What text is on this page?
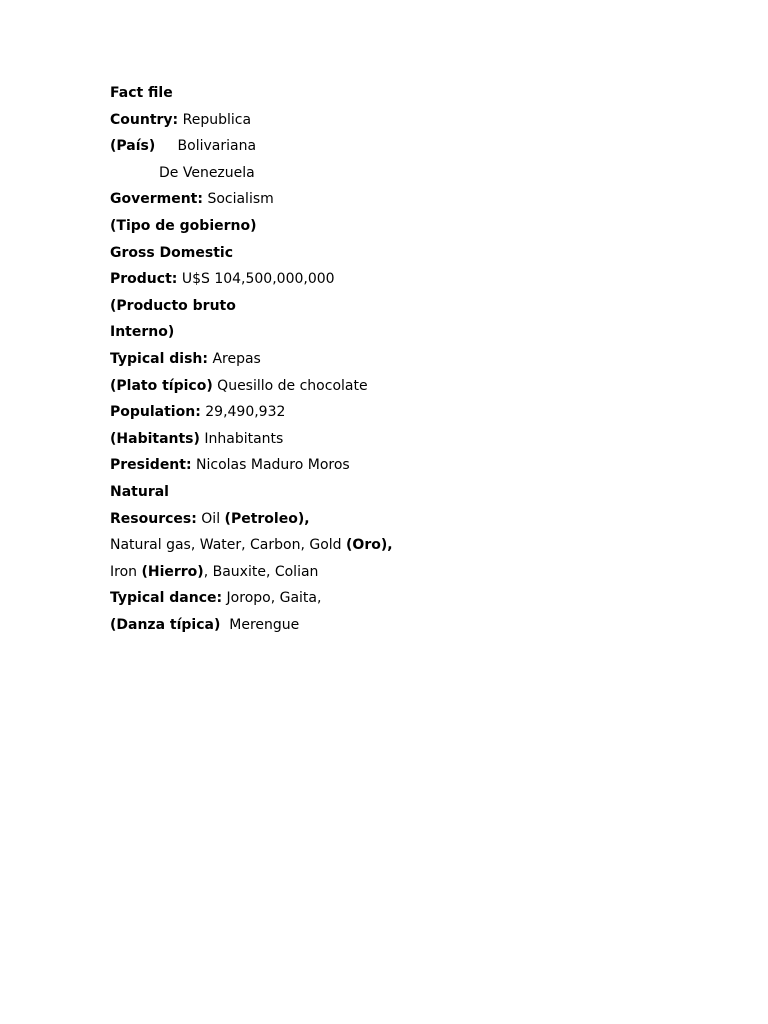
Fact file
Country: Republica
(País) Bolivariana
De Venezuela
Goverment: Socialism
(Tipo de gobierno)
Gross Domestic
Product: U$S 104,500,000,000
(Producto bruto
Interno)
Typical dish: Arepas
(Plato típico) Quesillo de chocolate
Population: 29,490,932
(Habitants) Inhabitants
President: Nicolas Maduro Moros
Natural
Resources: Oil (Petroleo),
Natural gas, Water, Carbon, Gold (Oro),
Iron (Hierro), Bauxite, Colian
Typical dance: Joropo, Gaita,
(Danza típica) Merengue
